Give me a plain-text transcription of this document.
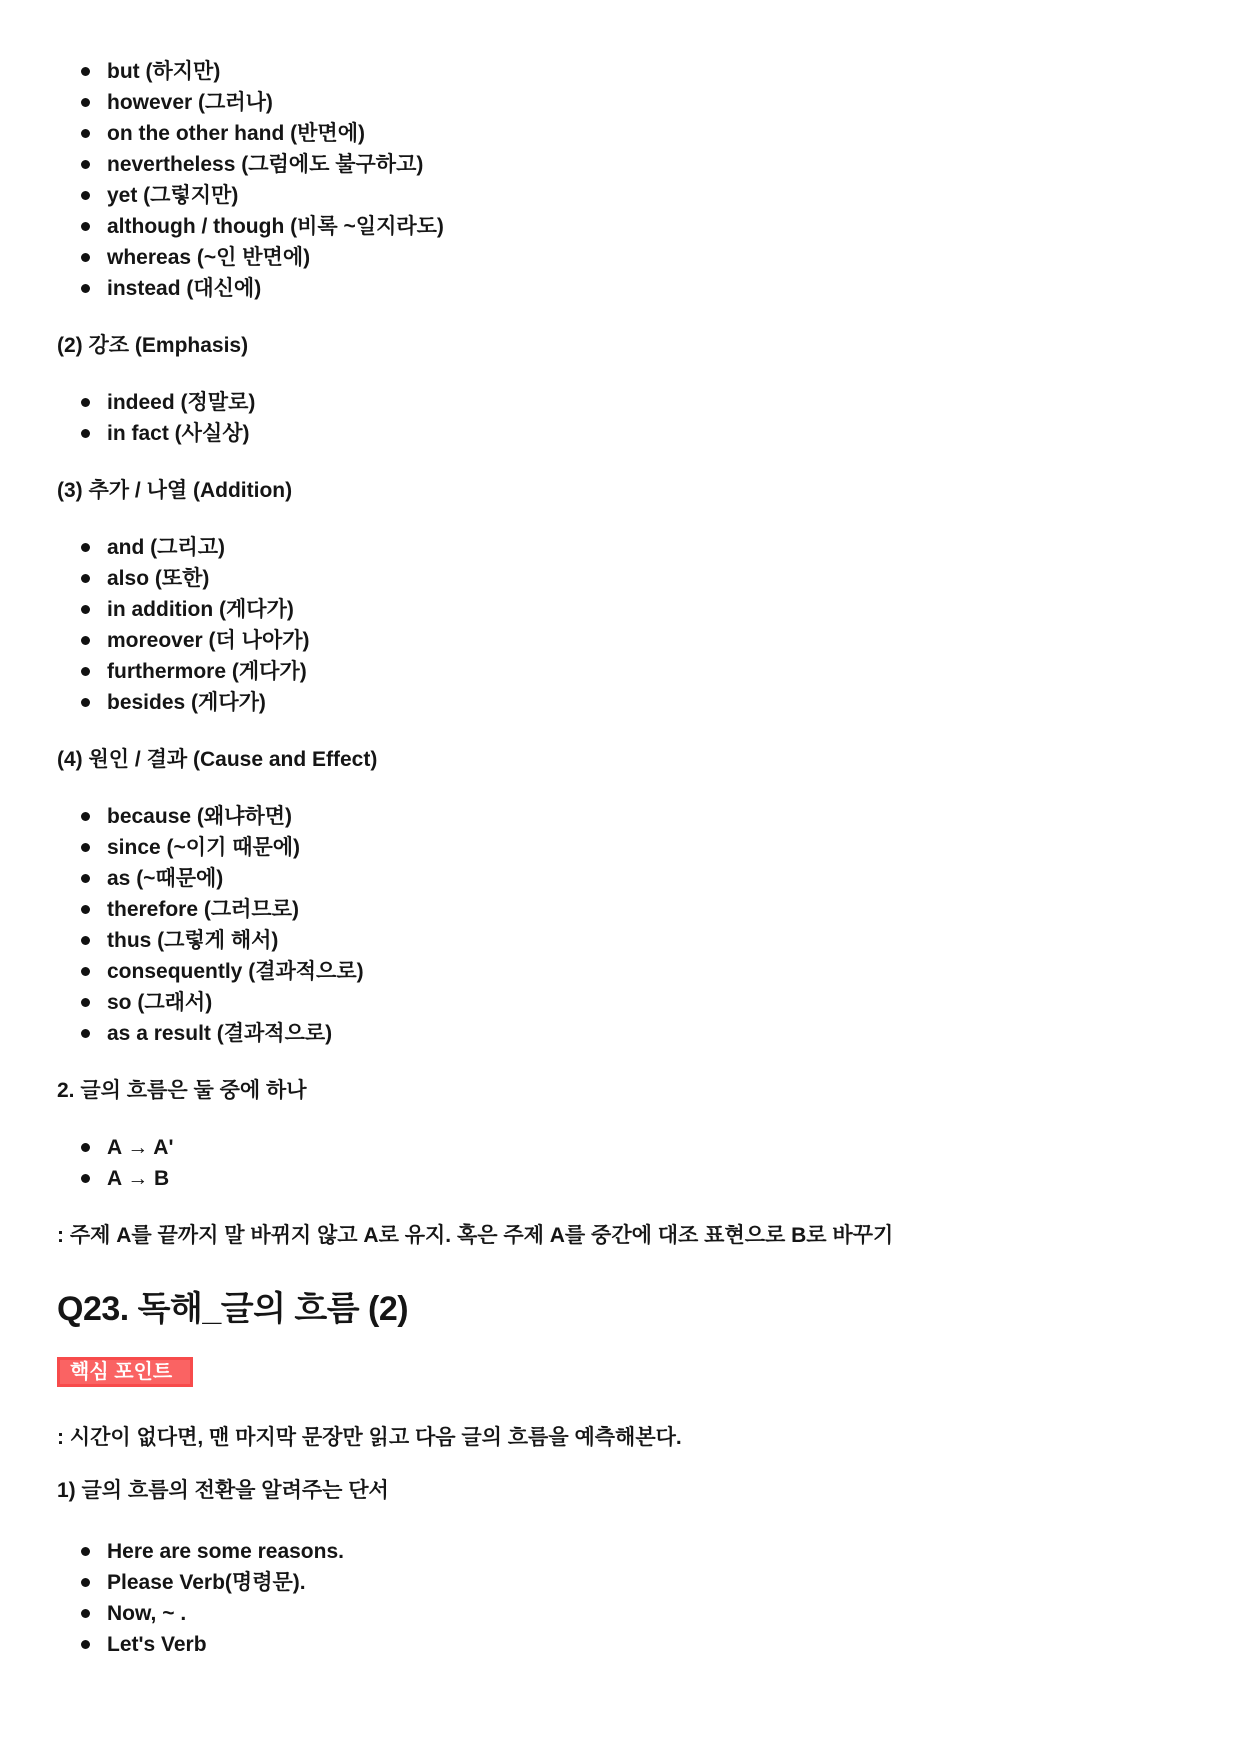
but (하지만)
however (그러나)
on the other hand (반면에)
nevertheless (그럼에도 불구하고)
yet (그렇지만)
although / though (비록 ~일지라도)
whereas (~인 반면에)
instead (대신에)

(2) 강조 (Emphasis)

indeed (정말로)
in fact (사실상)

(3) 추가 / 나열 (Addition)

and (그리고)
also (또한)
in addition (게다가)
moreover (더 나아가)
furthermore (게다가)
besides (게다가)

(4) 원인 / 결과 (Cause and Effect)

because (왜냐하면)
since (~이기 때문에)
as (~때문에)
therefore (그러므로)
thus (그렇게 해서)
consequently (결과적으로)
so (그래서)
as a result (결과적으로)

2. 글의 흐름은 둘 중에 하나

A → A'
A → B

: 주제 A를 끝까지 말 바뀌지 않고 A로 유지. 혹은 주제 A를 중간에 대조 표현으로 B로 바꾸기

Q23. 독해_글의 흐름 (2)
핵심 포인트

: 시간이 없다면, 맨 마지막 문장만 읽고 다음 글의 흐름을 예측해본다.

1) 글의 흐름의 전환을 알려주는 단서

Here are some reasons.
Please Verb(명령문).
Now, ~ .
Let's Verb
